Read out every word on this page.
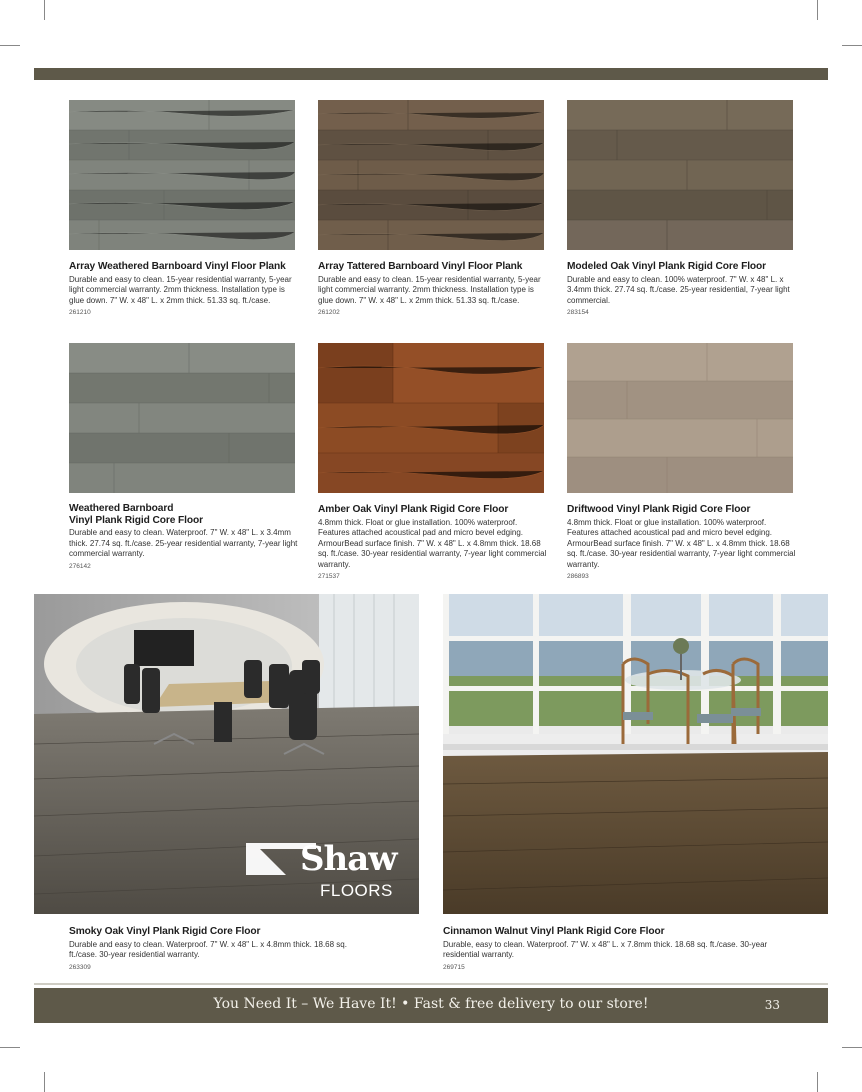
Array Weathered Barnboard Vinyl Floor Plank

Durable and easy to clean. 15-year residential warranty, 5-year light commercial warranty. 2mm thickness. Installation type is glue down. 7" W. x 48" L. x 2mm thick. 51.33 sq. ft./case.

261210

Array Tattered Barnboard Vinyl Floor Plank

Durable and easy to clean. 15-year residential warranty, 5-year light commercial warranty. 2mm thickness. Installation type is glue down. 7" W. x 48" L. x 2mm thick. 51.33 sq. ft./case.

261202

Modeled Oak Vinyl Plank Rigid Core Floor

Durable and easy to clean. 100% waterproof. 7" W. x 48" L. x 3.4mm thick. 27.74 sq. ft./case. 25-year residential, 7-year light commercial.

283154

Weathered Barnboard
Vinyl Plank Rigid Core Floor

Durable and easy to clean. Waterproof. 7" W. x 48" L. x 3.4mm thick. 27.74 sq. ft./case. 25-year residential warranty, 7-year light commercial warranty.

276142

Amber Oak Vinyl Plank Rigid Core Floor

4.8mm thick. Float or glue installation. 100% waterproof. Features attached acoustical pad and micro bevel edging. ArmourBead surface finish. 7" W. x 48" L. x 4.8mm thick. 18.68 sq. ft./case. 30-year residential warranty, 7-year light commercial warranty.

271537

Driftwood Vinyl Plank Rigid Core Floor

4.8mm thick. Float or glue installation. 100% waterproof. Features attached acoustical pad and micro bevel edging. ArmourBead surface finish. 7" W. x 48" L. x 4.8mm thick. 18.68 sq. ft./case. 30-year residential warranty, 7-year light commercial warranty.

286893
Shaw
FLOORS

Smoky Oak Vinyl Plank Rigid Core Floor

Durable and easy to clean. Waterproof. 7" W. x 48" L. x 4.8mm thick. 18.68 sq. ft./case. 30-year residential warranty.

263309

Cinnamon Walnut Vinyl Plank Rigid Core Floor

Durable, easy to clean. Waterproof. 7" W. x 48" L. x 7.8mm thick. 18.68 sq. ft./case. 30-year residential warranty.

269715
You Need It – We Have It! • Fast & free delivery to our store!	33
